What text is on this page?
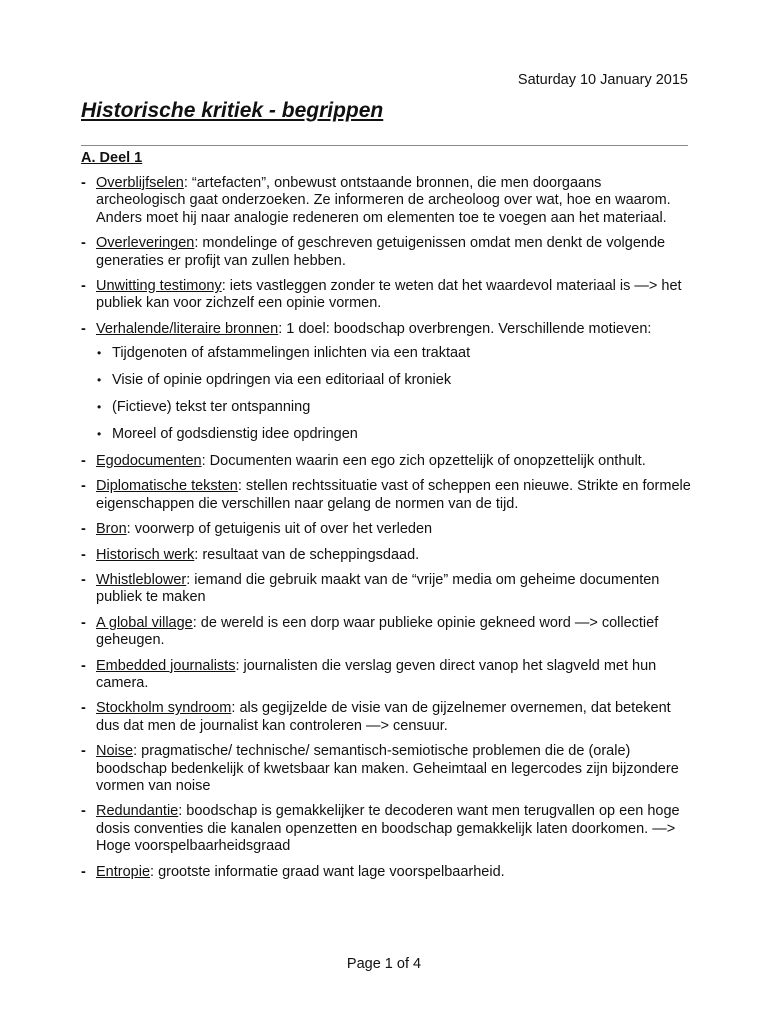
Saturday 10 January 2015
Historische kritiek - begrippen
A. Deel 1
- Overblijfselen: “artefacten”, onbewust ontstaande bronnen, die men doorgaans archeologisch gaat onderzoeken. Ze informeren de archeoloog over wat, hoe en waarom. Anders moet hij naar analogie redeneren om elementen toe te voegen aan het materiaal.
- Overleveringen: mondelinge of geschreven getuigenissen omdat men denkt de volgende generaties er profijt van zullen hebben.
- Unwitting testimony: iets vastleggen zonder te weten dat het waardevol materiaal is —> het publiek kan voor zichzelf een opinie vormen.
- Verhalende/literaire bronnen: 1 doel: boodschap overbrengen. Verschillende motieven:
• Tijdgenoten of afstammelingen inlichten via een traktaat
• Visie of opinie opdringen via een editoriaal of kroniek
• (Fictieve) tekst ter ontspanning
• Moreel of godsdienstig idee opdringen
- Egodocumenten: Documenten waarin een ego zich opzettelijk of onopzettelijk onthult.
- Diplomatische teksten: stellen rechtssituatie vast of scheppen een nieuwe. Strikte en formele eigenschappen die verschillen naar gelang de normen van de tijd.
- Bron: voorwerp of getuigenis uit of over het verleden
- Historisch werk: resultaat van de scheppingsdaad.
- Whistleblower: iemand die gebruik maakt van de “vrije” media om geheime documenten publiek te maken
- A global village: de wereld is een dorp waar publieke opinie gekneed word —> collectief geheugen.
- Embedded journalists: journalisten die verslag geven direct vanop het slagveld met hun camera.
- Stockholm syndroom: als gegijzelde de visie van de gijzelnemer overnemen, dat betekent dus dat men de journalist kan controleren —> censuur.
- Noise: pragmatische/ technische/ semantisch-semiotische problemen die de (orale) boodschap bedenkelijk of kwetsbaar kan maken. Geheimtaal en legercodes zijn bijzondere vormen van noise
- Redundantie: boodschap is gemakkelijker te decoderen want men terugvallen op een hoge dosis conventies die kanalen openzetten en boodschap gemakkelijk laten doorkomen. —> Hoge voorspelbaarheidsgraad
- Entropie: grootste informatie graad want lage voorspelbaarheid.
Page 1 of 4
